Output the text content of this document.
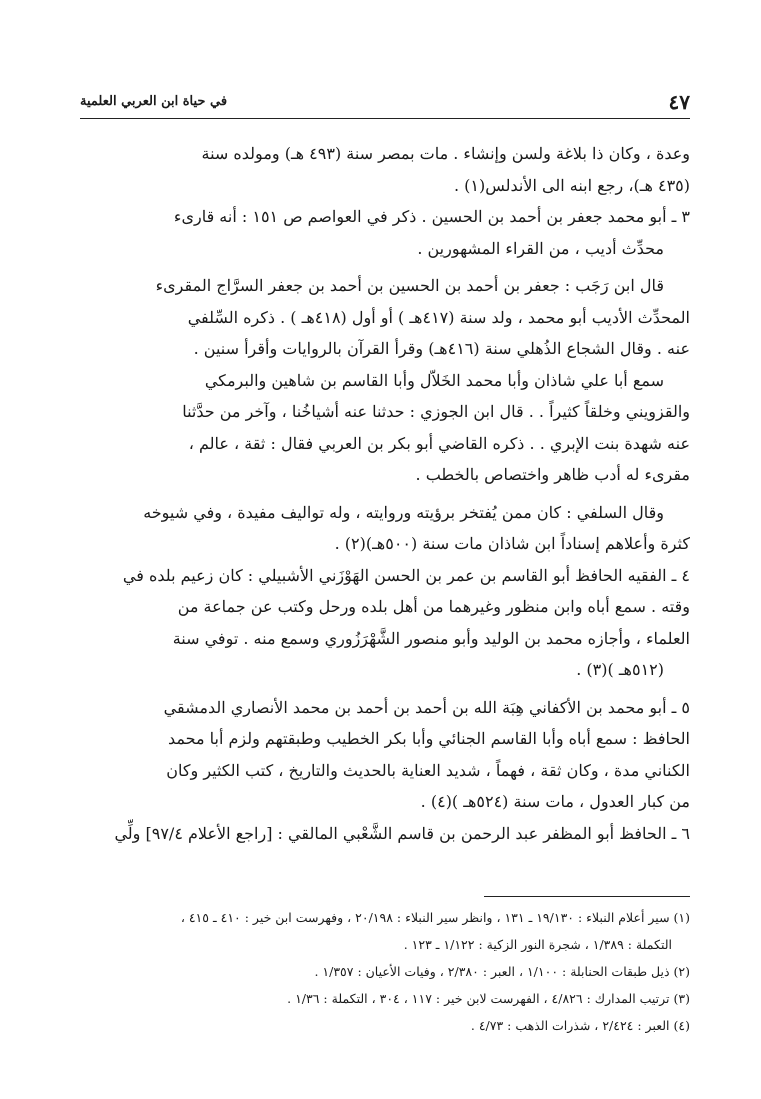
٤٧
في حياة ابن العربي العلمية

وعدة ، وكان ذا بلاغة ولسن وإنشاء . مات بمصر سنة (٤٩٣ هـ) ومولده سنة

(٤٣٥ هـ)، رجع ابنه الى الأندلس(١) .

٣ ـ أبو محمد جعفر بن أحمد بن الحسين . ذكر في العواصم ص ١٥١ : أنه قارىء

محدِّث أديب ، من القراء المشهورين .

قال ابن رَجَب : جعفر بن أحمد بن الحسين بن أحمد بن جعفر السرَّاج المقرىء

المحدِّث الأديب أبو محمد ، ولد سنة (٤١٧هـ ) أو أول (٤١٨هـ ) . ذكره السِّلفي

عنه . وقال الشجاع الذُهلي سنة (٤١٦هـ) وقرأ القرآن بالروايات وأقرأ سنين .

سمع أبا علي شاذان وأبا محمد الخَلاّل وأبا القاسم بن شاهين والبرمكي

والقزويني وخلقاً كثيراً . . قال ابن الجوزي : حدثنا عنه أشياخُنا ، وآخر من حدَّثنا

عنه شهدة بنت الإبري . . ذكره القاضي أبو بكر بن العربي فقال : ثقة ، عالم ،

مقرىء له أدب ظاهر واختصاص بالخطب .

وقال السلفي : كان ممن يُفتخر برؤيته وروايته ، وله تواليف مفيدة ، وفي شيوخه

كثرة وأعلاهم إسناداً ابن شاذان مات سنة (٥٠٠هـ)(٢) .

٤ ـ الفقيه الحافظ أبو القاسم بن عمر بن الحسن الهَوْزَني الأشبيلي : كان زعيم بلده في

وقته . سمع أباه وابن منظور وغيرهما من أهل بلده ورحل وكتب عن جماعة من

العلماء ، وأجازه محمد بن الوليد وأبو منصور الشَّهْرَزُوري وسمع منه . توفي سنة

(٥١٢هـ )(٣) .

٥ ـ أبو محمد بن الأكفاني هِبَة الله بن أحمد بن أحمد بن محمد الأنصاري الدمشقي

الحافظ : سمع أباه وأبا القاسم الجنائي وأبا بكر الخطيب وطبقتهم ولزم أبا محمد

الكناني مدة ، وكان ثقة ، فهماً ، شديد العناية بالحديث والتاريخ ، كتب الكثير وكان

من كبار العدول ، مات سنة (٥٢٤هـ )(٤) .

٦ ـ الحافظ أبو المظفر عبد الرحمن بن قاسم الشَّعْبي المالقي : [راجع الأعلام ٩٧/٤] ولِّي

(١) سير أعلام النبلاء : ١٩/١٣٠ ـ ١٣١ ، وانظر سير النبلاء : ٢٠/١٩٨ ، وفهرست ابن خير : ٤١٠ ـ ٤١٥ ،

التكملة : ١/٣٨٩ ، شجرة النور الزكية : ١/١٢٢ ـ ١٢٣ .

(٢) ذيل طبقات الحنابلة : ١/١٠٠ ، العبر : ٢/٣٨٠ ، وفيات الأعيان : ١/٣٥٧ .

(٣) ترتيب المدارك : ٤/٨٢٦ ، الفهرست لابن خير : ١١٧ ، ٣٠٤ ، التكملة : ١/٣٦ .

(٤) العبر : ٢/٤٢٤ ، شذرات الذهب : ٤/٧٣ .
